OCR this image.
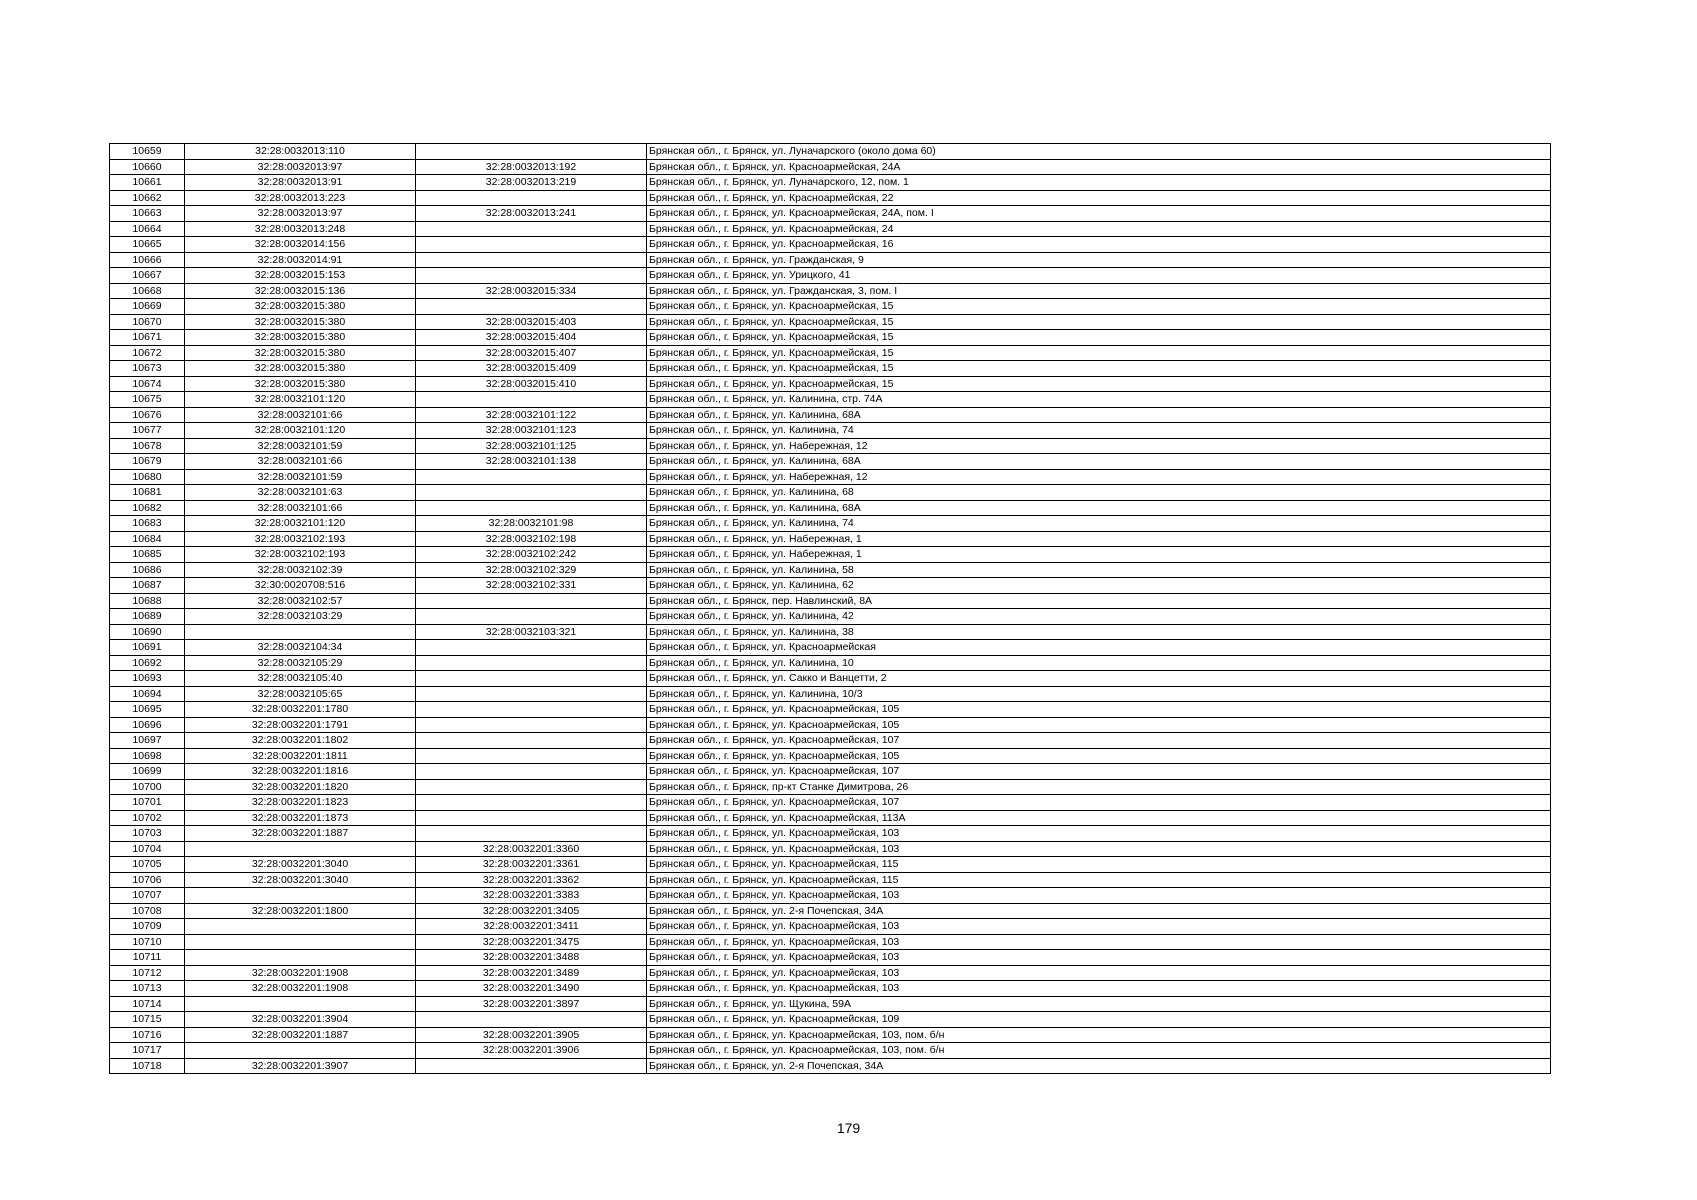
10659	32:28:0032013:110		Брянская обл., г. Брянск, ул. Луначарского (около дома 60)
10660	32:28:0032013:97	32:28:0032013:192	Брянская обл., г. Брянск, ул. Красноармейская, 24А
10661	32:28:0032013:91	32:28:0032013:219	Брянская обл., г. Брянск, ул. Луначарского, 12, пом. 1
10662	32:28:0032013:223		Брянская обл., г. Брянск, ул. Красноармейская, 22
10663	32:28:0032013:97	32:28:0032013:241	Брянская обл., г. Брянск, ул. Красноармейская, 24А, пом. I
10664	32:28:0032013:248		Брянская обл., г. Брянск, ул. Красноармейская, 24
10665	32:28:0032014:156		Брянская обл., г. Брянск, ул. Красноармейская, 16
10666	32:28:0032014:91		Брянская обл., г. Брянск, ул. Гражданская, 9
10667	32:28:0032015:153		Брянская обл., г. Брянск, ул. Урицкого, 41
10668	32:28:0032015:136	32:28:0032015:334	Брянская обл., г. Брянск, ул. Гражданская, 3, пом. I
10669	32:28:0032015:380		Брянская обл., г. Брянск, ул. Красноармейская, 15
10670	32:28:0032015:380	32:28:0032015:403	Брянская обл., г. Брянск, ул. Красноармейская, 15
10671	32:28:0032015:380	32:28:0032015:404	Брянская обл., г. Брянск, ул. Красноармейская, 15
10672	32:28:0032015:380	32:28:0032015:407	Брянская обл., г. Брянск, ул. Красноармейская, 15
10673	32:28:0032015:380	32:28:0032015:409	Брянская обл., г. Брянск, ул. Красноармейская, 15
10674	32:28:0032015:380	32:28:0032015:410	Брянская обл., г. Брянск, ул. Красноармейская, 15
10675	32:28:0032101:120		Брянская обл., г. Брянск, ул. Калинина, стр. 74А
10676	32:28:0032101:66	32:28:0032101:122	Брянская обл., г. Брянск, ул. Калинина, 68А
10677	32:28:0032101:120	32:28:0032101:123	Брянская обл., г. Брянск, ул. Калинина, 74
10678	32:28:0032101:59	32:28:0032101:125	Брянская обл., г. Брянск, ул. Набережная, 12
10679	32:28:0032101:66	32:28:0032101:138	Брянская обл., г. Брянск, ул. Калинина, 68А
10680	32:28:0032101:59		Брянская обл., г. Брянск, ул. Набережная, 12
10681	32:28:0032101:63		Брянская обл., г. Брянск, ул. Калинина, 68
10682	32:28:0032101:66		Брянская обл., г. Брянск, ул. Калинина, 68А
10683	32:28:0032101:120	32:28:0032101:98	Брянская обл., г. Брянск, ул. Калинина, 74
10684	32:28:0032102:193	32:28:0032102:198	Брянская обл., г. Брянск, ул. Набережная, 1
10685	32:28:0032102:193	32:28:0032102:242	Брянская обл., г. Брянск, ул. Набережная, 1
10686	32:28:0032102:39	32:28:0032102:329	Брянская обл., г. Брянск, ул. Калинина, 58
10687	32:30:0020708:516	32:28:0032102:331	Брянская обл., г. Брянск, ул. Калинина, 62
10688	32:28:0032102:57		Брянская обл., г. Брянск, пер. Навлинский, 8А
10689	32:28:0032103:29		Брянская обл., г. Брянск, ул. Калинина, 42
10690		32:28:0032103:321	Брянская обл., г. Брянск, ул. Калинина, 38
10691	32:28:0032104:34		Брянская обл., г. Брянск, ул. Красноармейская
10692	32:28:0032105:29		Брянская обл., г. Брянск, ул. Калинина, 10
10693	32:28:0032105:40		Брянская обл., г. Брянск, ул. Сакко и Ванцетти, 2
10694	32:28:0032105:65		Брянская обл., г. Брянск, ул. Калинина, 10/3
10695	32:28:0032201:1780		Брянская обл., г. Брянск, ул. Красноармейская, 105
10696	32:28:0032201:1791		Брянская обл., г. Брянск, ул. Красноармейская, 105
10697	32:28:0032201:1802		Брянская обл., г. Брянск, ул. Красноармейская, 107
10698	32:28:0032201:1811		Брянская обл., г. Брянск, ул. Красноармейская, 105
10699	32:28:0032201:1816		Брянская обл., г. Брянск, ул. Красноармейская, 107
10700	32:28:0032201:1820		Брянская обл., г. Брянск, пр-кт Станке Димитрова, 26
10701	32:28:0032201:1823		Брянская обл., г. Брянск, ул. Красноармейская, 107
10702	32:28:0032201:1873		Брянская обл., г. Брянск, ул. Красноармейская, 113А
10703	32:28:0032201:1887		Брянская обл., г. Брянск, ул. Красноармейская, 103
10704		32:28:0032201:3360	Брянская обл., г. Брянск, ул. Красноармейская, 103
10705	32:28:0032201:3040	32:28:0032201:3361	Брянская обл., г. Брянск, ул. Красноармейская, 115
10706	32:28:0032201:3040	32:28:0032201:3362	Брянская обл., г. Брянск, ул. Красноармейская, 115
10707		32:28:0032201:3383	Брянская обл., г. Брянск, ул. Красноармейская, 103
10708	32:28:0032201:1800	32:28:0032201:3405	Брянская обл., г. Брянск, ул. 2-я Почепская, 34А
10709		32:28:0032201:3411	Брянская обл., г. Брянск, ул. Красноармейская, 103
10710		32:28:0032201:3475	Брянская обл., г. Брянск, ул. Красноармейская, 103
10711		32:28:0032201:3488	Брянская обл., г. Брянск, ул. Красноармейская, 103
10712	32:28:0032201:1908	32:28:0032201:3489	Брянская обл., г. Брянск, ул. Красноармейская, 103
10713	32:28:0032201:1908	32:28:0032201:3490	Брянская обл., г. Брянск, ул. Красноармейская, 103
10714		32:28:0032201:3897	Брянская обл., г. Брянск, ул. Щукина, 59А
10715	32:28:0032201:3904		Брянская обл., г. Брянск, ул. Красноармейская, 109
10716	32:28:0032201:1887	32:28:0032201:3905	Брянская обл., г. Брянск, ул. Красноармейская, 103, пом. б/н
10717		32:28:0032201:3906	Брянская обл., г. Брянск, ул. Красноармейская, 103, пом. б/н
10718	32:28:0032201:3907		Брянская обл., г. Брянск, ул. 2-я Почепская, 34А
179
